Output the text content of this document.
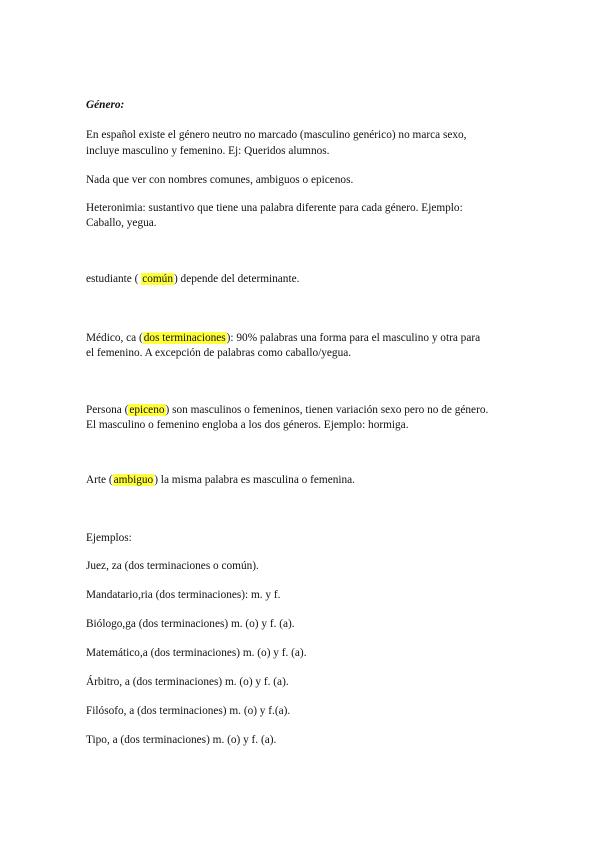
Género:
En español existe el género neutro no marcado (masculino genérico) no marca sexo,
incluye masculino y femenino. Ej: Queridos alumnos.
Nada que ver con nombres comunes, ambiguos o epicenos.
Heteronimia: sustantivo que tiene una palabra diferente para cada género. Ejemplo:
Caballo, yegua.
estudiante ( común) depende del determinante.
Médico, ca (dos terminaciones): 90% palabras una forma para el masculino y otra para
el femenino. A excepción de palabras como caballo/yegua.
Persona (epiceno) son masculinos o femeninos, tienen variación sexo pero no de género.
El masculino o femenino engloba a los dos géneros. Ejemplo: hormiga.
Arte (ambiguo) la misma palabra es masculina o femenina.
Ejemplos:
Juez, za (dos terminaciones o común).
Mandatario,ria (dos terminaciones): m. y f.
Biólogo,ga (dos terminaciones) m. (o) y f. (a).
Matemático,a (dos terminaciones) m. (o) y f. (a).
Árbitro, a (dos terminaciones) m. (o) y f. (a).
Filósofo, a (dos terminaciones) m. (o) y f.(a).
Tipo, a (dos terminaciones) m. (o) y f. (a).
